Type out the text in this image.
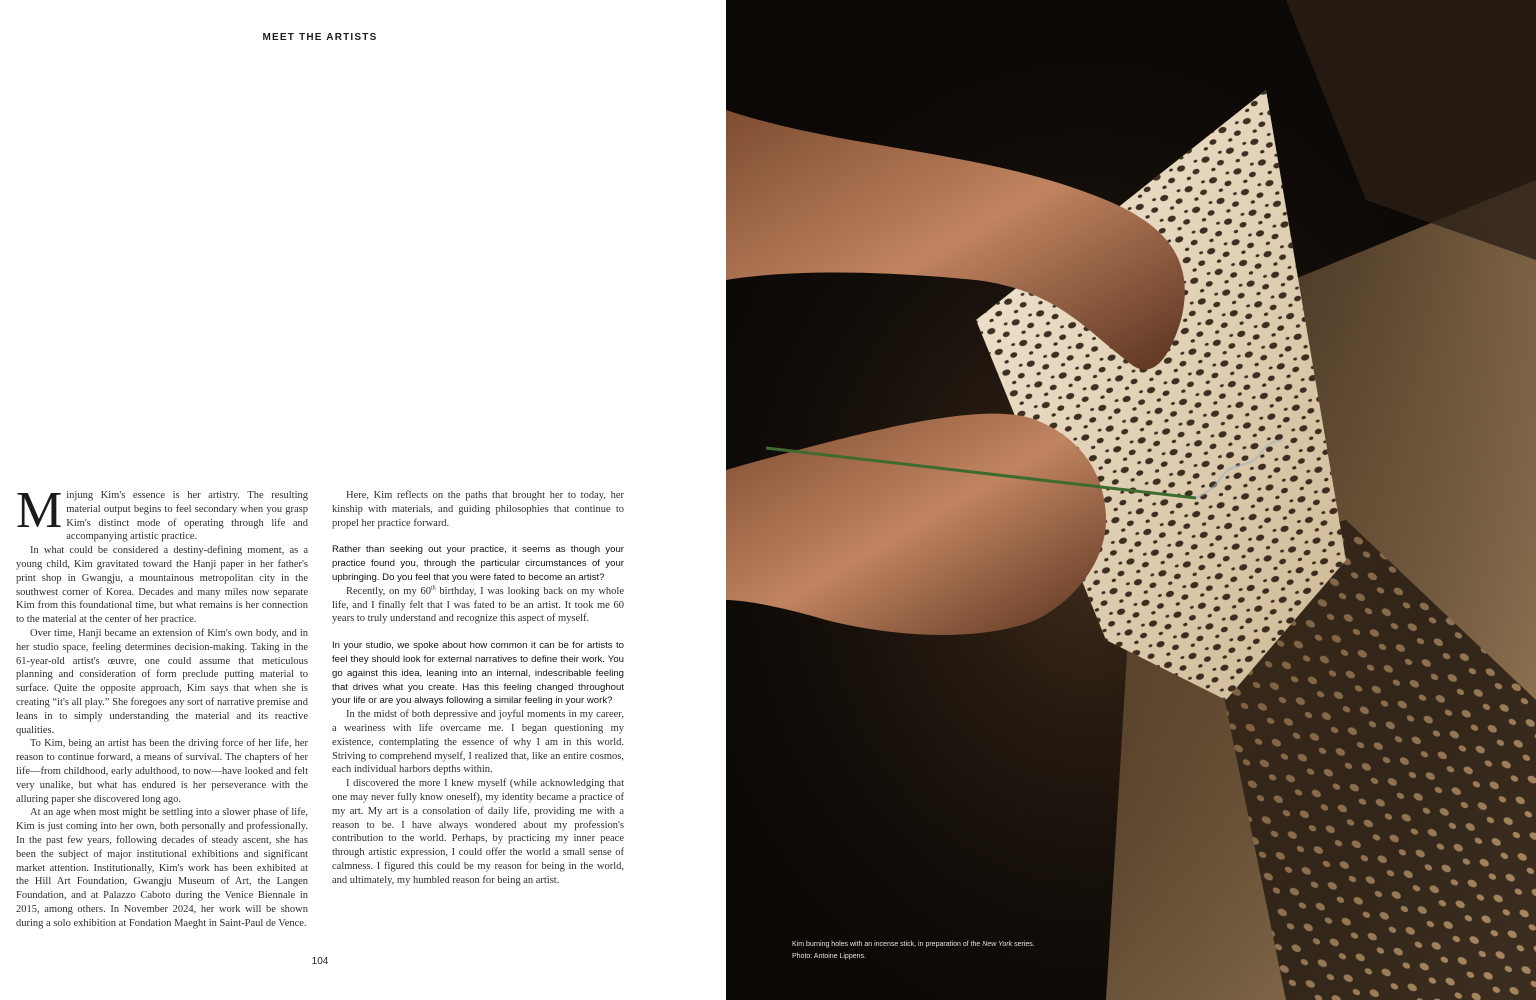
MEET THE ARTISTS

Minjung Kim's essence is her artistry. The resulting material output begins to feel secondary when you grasp Kim's distinct mode of operating through life and accompanying artistic practice.

In what could be considered a destiny-defining moment, as a young child, Kim gravitated toward the Hanji paper in her father's print shop in Gwangju, a mountainous metropolitan city in the southwest corner of Korea. Decades and many miles now separate Kim from this foundational time, but what remains is her connection to the material at the center of her practice.

Over time, Hanji became an extension of Kim's own body, and in her studio space, feeling determines decision-making. Taking in the 61-year-old artist's œuvre, one could assume that meticulous planning and consideration of form preclude putting material to surface. Quite the opposite approach, Kim says that when she is creating “it's all play.” She foregoes any sort of narrative premise and leans in to simply understanding the material and its reactive qualities.

To Kim, being an artist has been the driving force of her life, her reason to continue forward, a means of survival. The chapters of her life—from childhood, early adulthood, to now—have looked and felt very unalike, but what has endured is her perseverance with the alluring paper she discovered long ago.

At an age when most might be settling into a slower phase of life, Kim is just coming into her own, both personally and professionally. In the past few years, following decades of steady ascent, she has been the subject of major institutional exhibitions and significant market attention. Institutionally, Kim's work has been exhibited at the Hill Art Foundation, Gwangju Museum of Art, the Langen Foundation, and at Palazzo Caboto during the Venice Biennale in 2015, among others. In November 2024, her work will be shown during a solo exhibition at Fondation Maeght in Saint-Paul de Vence.

Here, Kim reflects on the paths that brought her to today, her kinship with materials, and guiding philosophies that continue to propel her practice forward.

Rather than seeking out your practice, it seems as though your practice found you, through the particular circumstances of your upbringing. Do you feel that you were fated to become an artist?

Recently, on my 60th birthday, I was looking back on my whole life, and I finally felt that I was fated to be an artist. It took me 60 years to truly understand and recognize this aspect of myself.

In your studio, we spoke about how common it can be for artists to feel they should look for external narratives to define their work. You go against this idea, leaning into an internal, indescribable feeling that drives what you create. Has this feeling changed throughout your life or are you always following a similar feeling in your work?

In the midst of both depressive and joyful moments in my career, a weariness with life overcame me. I began questioning my existence, contemplating the essence of why I am in this world. Striving to comprehend myself, I realized that, like an entire cosmos, each individual harbors depths within.

I discovered the more I knew myself (while acknowledging that one may never fully know oneself), my identity became a practice of my art. My art is a consolation of daily life, providing me with a reason to be. I have always wondered about my profession's contribution to the world. Perhaps, by practicing my inner peace through artistic expression, I could offer the world a small sense of calmness. I figured this could be my reason for being in the world, and ultimately, my humbled reason for being an artist.

104
Kim burning holes with an incense stick, in preparation of the New York series.
Photo: Antoine Lippens.
